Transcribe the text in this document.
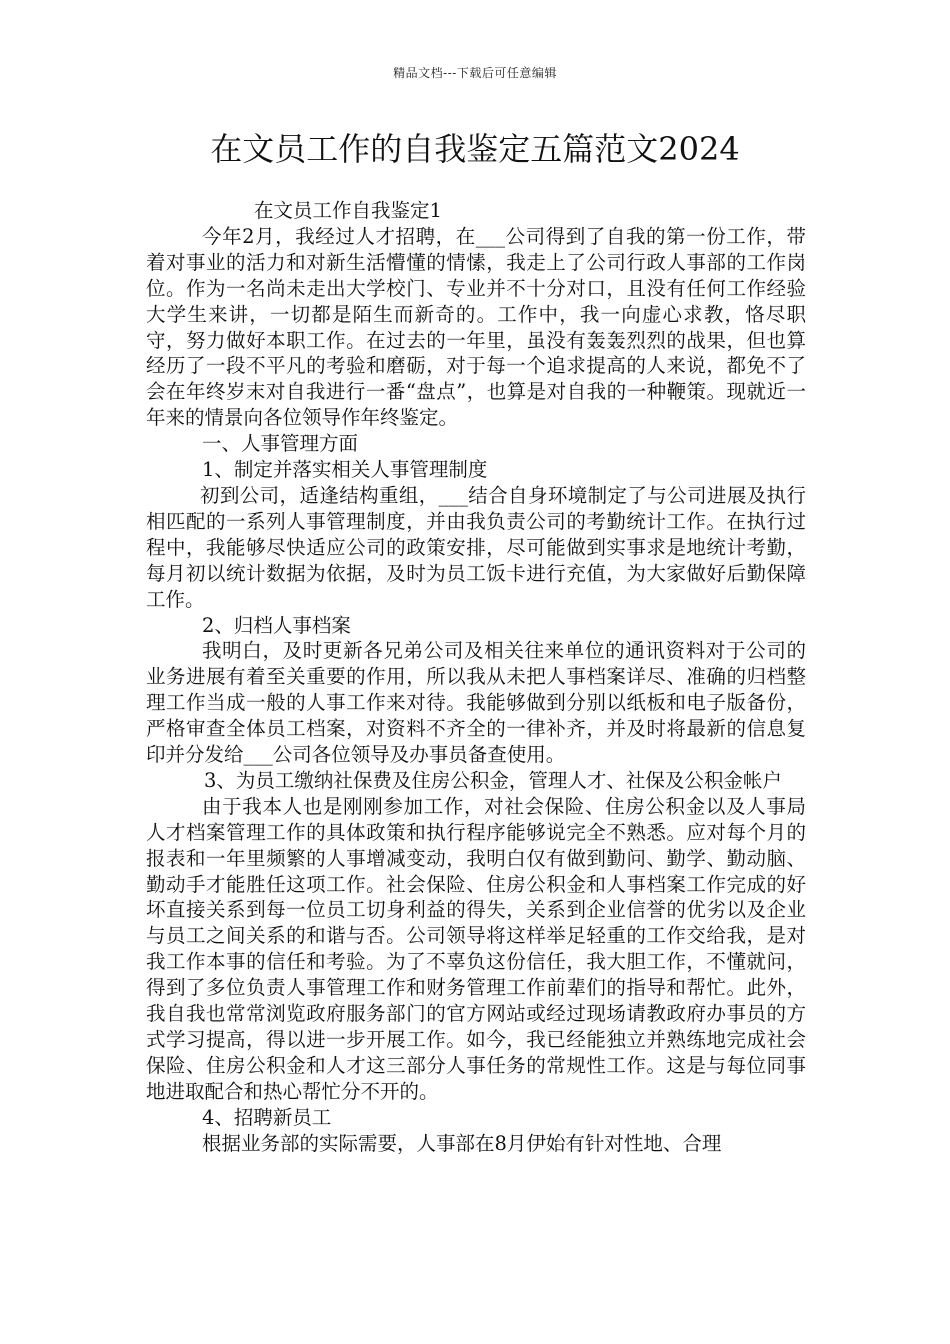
精品文档---下载后可任意编辑
在文员工作的自我鉴定五篇范文2024

在文员工作自我鉴定1

今年2月，我经过人才招聘，在___公司得到了自我的第一份工作，带着对事业的活力和对新生活懵懂的情愫，我走上了公司行政人事部的工作岗位。作为一名尚未走出大学校门、专业并不十分对口，且没有任何工作经验大学生来讲，一切都是陌生而新奇的。工作中，我一向虚心求教，恪尽职守，努力做好本职工作。在过去的一年里，虽没有轰轰烈烈的战果，但也算经历了一段不平凡的考验和磨砺，对于每一个追求提高的人来说，都免不了会在年终岁末对自我进行一番“盘点”，也算是对自我的一种鞭策。现就近一年来的情景向各位领导作年终鉴定。

一、人事管理方面

1、制定并落实相关人事管理制度

初到公司，适逢结构重组，___结合自身环境制定了与公司进展及执行相匹配的一系列人事管理制度，并由我负责公司的考勤统计工作。在执行过程中，我能够尽快适应公司的政策安排，尽可能做到实事求是地统计考勤，每月初以统计数据为依据，及时为员工饭卡进行充值，为大家做好后勤保障工作。

2、归档人事档案

我明白，及时更新各兄弟公司及相关往来单位的通讯资料对于公司的业务进展有着至关重要的作用，所以我从未把人事档案详尽、准确的归档整理工作当成一般的人事工作来对待。我能够做到分别以纸板和电子版备份，严格审查全体员工档案，对资料不齐全的一律补齐，并及时将最新的信息复印并分发给___公司各位领导及办事员备查使用。

3、为员工缴纳社保费及住房公积金，管理人才、社保及公积金帐户

由于我本人也是刚刚参加工作，对社会保险、住房公积金以及人事局人才档案管理工作的具体政策和执行程序能够说完全不熟悉。应对每个月的报表和一年里频繁的人事增减变动，我明白仅有做到勤问、勤学、勤动脑、勤动手才能胜任这项工作。社会保险、住房公积金和人事档案工作完成的好坏直接关系到每一位员工切身利益的得失，关系到企业信誉的优劣以及企业与员工之间关系的和谐与否。公司领导将这样举足轻重的工作交给我，是对我工作本事的信任和考验。为了不辜负这份信任，我大胆工作，不懂就问，得到了多位负责人事管理工作和财务管理工作前辈们的指导和帮忙。此外，我自我也常常浏览政府服务部门的官方网站或经过现场请教政府办事员的方式学习提高，得以进一步开展工作。如今，我已经能独立并熟练地完成社会保险、住房公积金和人才这三部分人事任务的常规性工作。这是与每位同事地进取配合和热心帮忙分不开的。

4、招聘新员工

根据业务部的实际需要，人事部在8月伊始有针对性地、合理
